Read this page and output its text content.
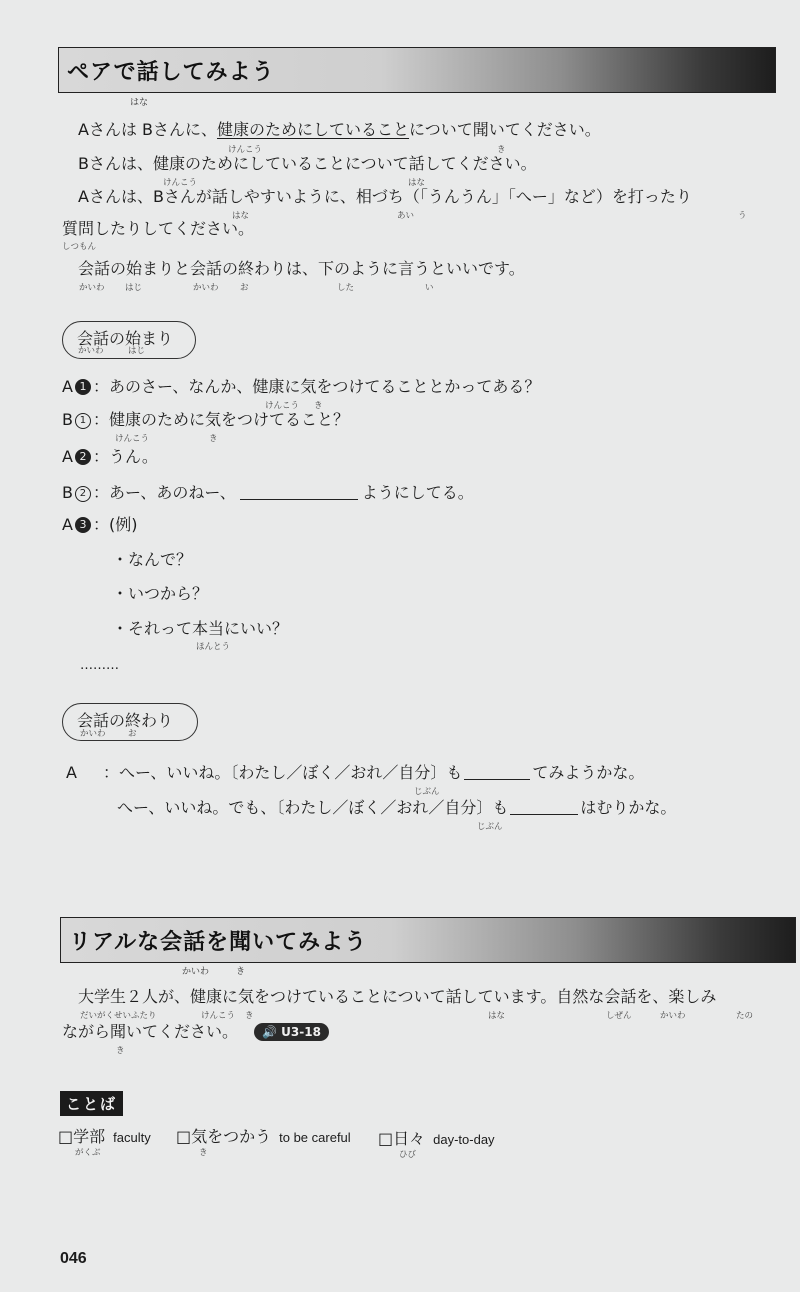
ペアで話してみよう
はな
Aさんは Bさんに、健康のためにしていることについて聞いてください。
けんこう	き
Bさんは、健康のためにしていることについて話してください。
けんこう	はな
Aさんは、Bさんが話しやすいように、相づち（「うんうん」「へー」など）を打ったり
はな	あい	う
質問したりしてください。
しつもん
会話の始まりと会話の終わりは、下のように言うといいです。
かいわ はじ	かいわ	お	した	い
会話の始まり
かいわ	はじ
A 1 ：あのさー、なんか、健康に気をつけてることとかってある？
けんこう き
B 1 ：健康のために気をつけてること？
けんこう	き
A 2 ：うん。
B 2 ：あー、あのねー、	ようにしてる。
A 3 ：(例)
・なんで？
・いつから？
・それって本当にいい？
ほんとう
………
会話の終わり
かいわ	お
A ：へー、いいね。〔わたし／ぼく／おれ／自分〕も	てみようかな。
じぶん
へー、いいね。でも、〔わたし／ぼく／おれ／自分〕も	はむりかな。
じぶん
リアルな会話を聞いてみよう
かいわ	き
大学生２人が、健康に気をつけていることについて話しています。自然な会話を、楽しみ
だいがくせいふたり	けんこう き	はな	しぜん	かいわ	たの
ながら聞いてください。
き
🔊 U3-18
ことば
□学部 faculty
がくぶ
□気をつかう to be careful
き
□日々 day-to-day
ひび
046
